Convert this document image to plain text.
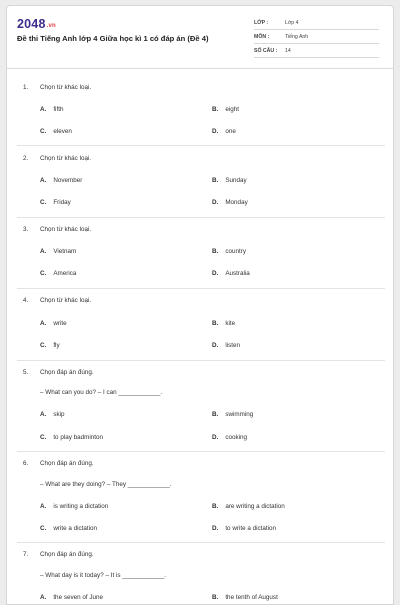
2048.vn
Đề thi Tiếng Anh lớp 4 Giữa học kì 1 có đáp án (Đề 4)
LỚP :	Lớp 4
MÔN :	Tiếng Anh
SỐ CÂU : 14
1. Chọn từ khác loại.
A. fifth	B. eight
C. eleven	D. one
2. Chọn từ khác loại.
A. November	B. Sunday
C. Friday	D. Monday
3. Chọn từ khác loại.
A. Vietnam	B. country
C. America	D. Australia
4. Chọn từ khác loại.
A. write	B. kite
C. fly	D. listen
5. Chọn đáp án đúng.
– What can you do? – I can ____________.
A. skip	B. swimming
C. to play badminton	D. cooking
6. Chọn đáp án đúng.
– What are they doing? – They ____________.
A. is writing a dictation	B. are writing a dictation
C. write a dictation	D. to write a dictation
7. Chọn đáp án đúng.
– What day is it today? – It is ____________.
A. the seven of June	B. the tenth of August
